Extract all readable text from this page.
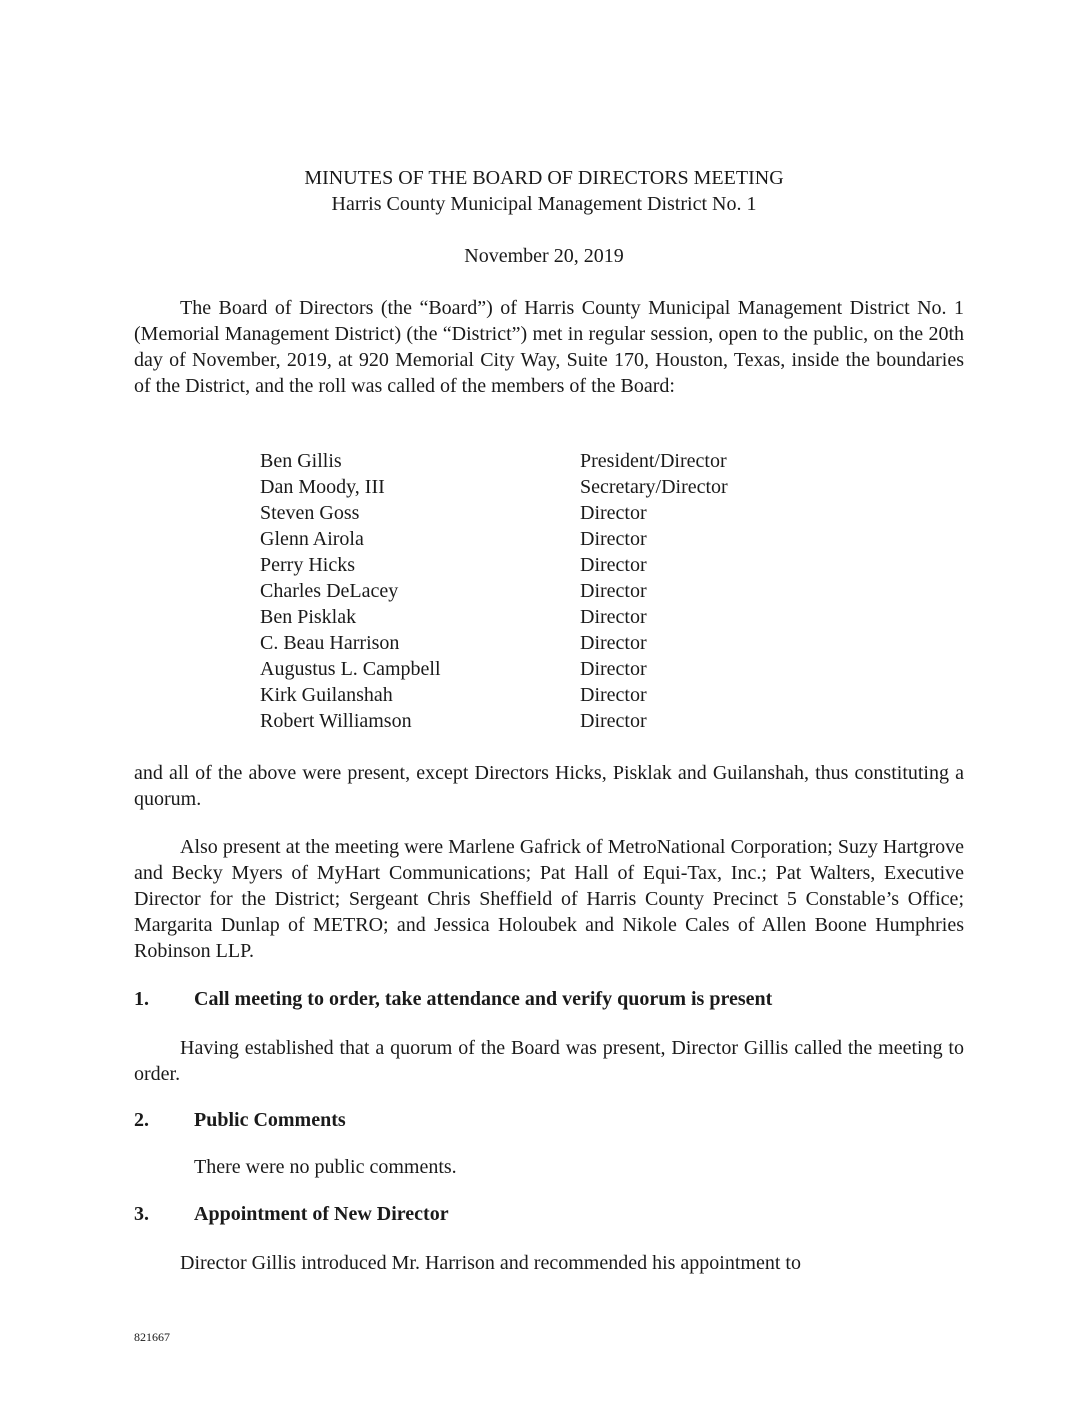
MINUTES OF THE BOARD OF DIRECTORS MEETING
Harris County Municipal Management District No. 1
November 20, 2019

The Board of Directors (the “Board”) of Harris County Municipal Management District No. 1 (Memorial Management District) (the “District”) met in regular session, open to the public, on the 20th day of November, 2019, at 920 Memorial City Way, Suite 170, Houston, Texas, inside the boundaries of the District, and the roll was called of the members of the Board:

Ben Gillis	President/Director
Dan Moody, III	Secretary/Director
Steven Goss	Director
Glenn Airola	Director
Perry Hicks	Director
Charles DeLacey	Director
Ben Pisklak	Director
C. Beau Harrison	Director
Augustus L. Campbell	Director
Kirk Guilanshah	Director
Robert Williamson	Director

and all of the above were present, except Directors Hicks, Pisklak and Guilanshah, thus constituting a quorum.

Also present at the meeting were Marlene Gafrick of MetroNational Corporation; Suzy Hartgrove and Becky Myers of MyHart Communications; Pat Hall of Equi-Tax, Inc.; Pat Walters, Executive Director for the District; Sergeant Chris Sheffield of Harris County Precinct 5 Constable’s Office; Margarita Dunlap of METRO; and Jessica Holoubek and Nikole Cales of Allen Boone Humphries Robinson LLP.

1.	Call meeting to order, take attendance and verify quorum is present

Having established that a quorum of the Board was present, Director Gillis called the meeting to order.

2.	Public Comments

There were no public comments.

3.	Appointment of New Director

Director Gillis introduced Mr. Harrison and recommended his appointment to

821667
